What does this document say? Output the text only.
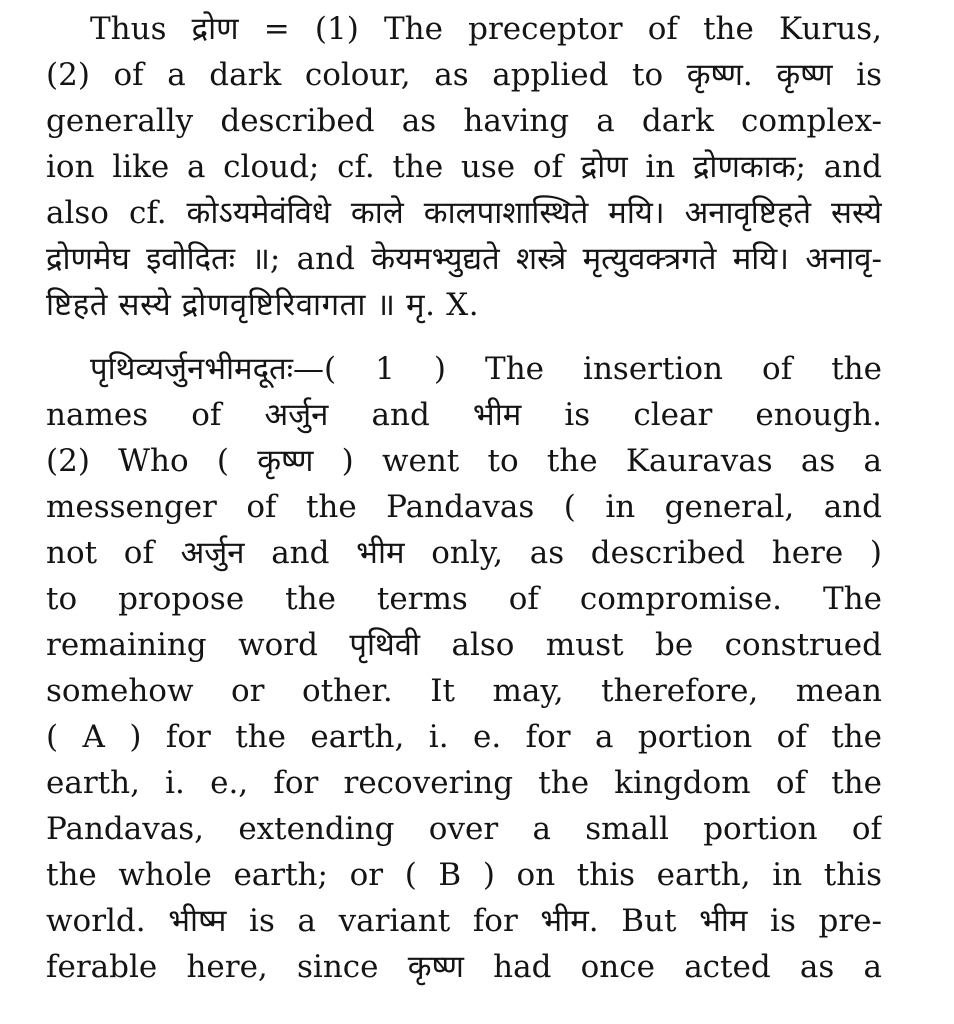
Thus द्रोण = (1) The preceptor of the Kurus,
(2) of a dark colour, as applied to कृष्ण. कृष्ण is
generally described as having a dark complex-
ion like a cloud; cf. the use of द्रोण in द्रोणकाक; and
also cf. कोऽयमेवंविधे काले कालपाशास्थिते मयि। अनावृष्टिहते सस्ये
द्रोणमेघ इवोदितः ॥; and केयमभ्युद्यते शस्त्रे मृत्युवक्त्रगते मयि। अनावृ-
ष्टिहते सस्ये द्रोणवृष्टिरिवागता ॥ मृ. X.
पृथिव्यर्जुनभीमदूतः—( 1 ) The insertion of the
names of अर्जुन and भीम is clear enough.
(2) Who ( कृष्ण ) went to the Kauravas as a
messenger of the Pandavas ( in general, and
not of अर्जुन and भीम only, as described here )
to propose the terms of compromise. The
remaining word पृथिवी also must be construed
somehow or other. It may, therefore, mean
( A ) for the earth, i. e. for a portion of the
earth, i. e., for recovering the kingdom of the
Pandavas, extending over a small portion of
the whole earth; or ( B ) on this earth, in this
world. भीष्म is a variant for भीम. But भीम is pre-
ferable here, since कृष्ण had once acted as a
